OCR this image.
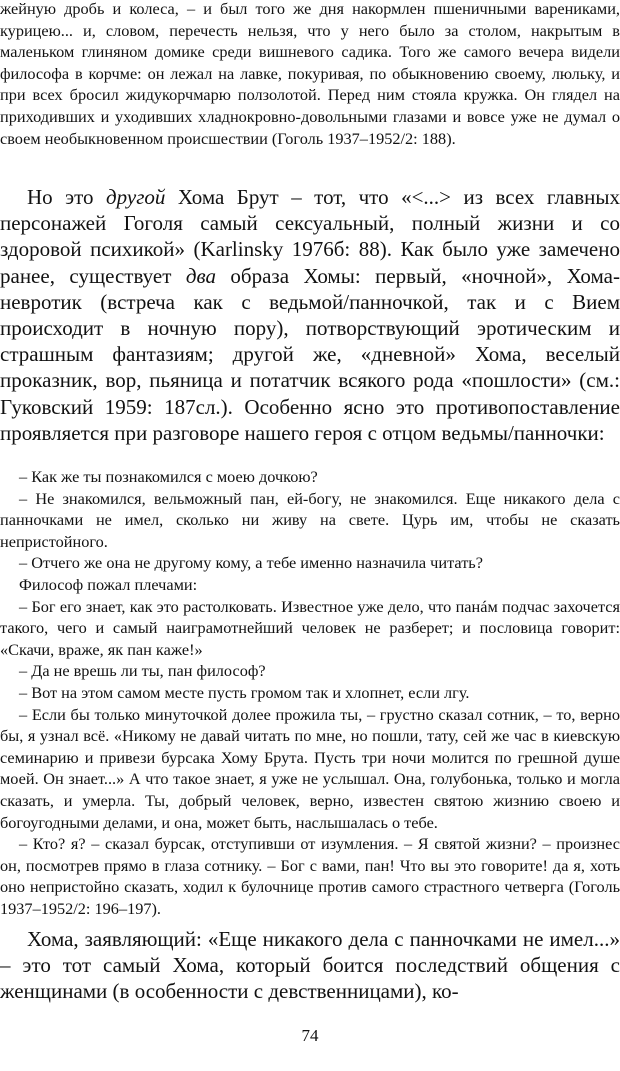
жейную дробь и колеса, – и был того же дня накормлен пшеничными варениками, курицею... и, словом, перечесть нельзя, что у него было за столом, накрытым в маленьком глиняном домике среди вишневого садика. Того же самого вечера видели философа в корчме: он лежал на лавке, покуривая, по обыкновению своему, люльку, и при всех бросил жидукорчмарю ползолотой. Перед ним стояла кружка. Он глядел на приходивших и уходивших хладнокровно-довольными глазами и вовсе уже не думал о своем необыкновенном происшествии (Гоголь 1937–1952/2: 188).

Но это другой Хома Брут – тот, что «<...> из всех главных персонажей Гоголя самый сексуальный, полный жизни и со здоровой психикой» (Karlinsky 1976б: 88). Как было уже замечено ранее, существует два образа Хомы: первый, «ночной», Хома-невротик (встреча как с ведьмой/панночкой, так и с Вием происходит в ночную пору), потворствующий эротическим и страшным фантазиям; другой же, «дневной» Хома, веселый проказник, вор, пьяница и потатчик всякого рода «пошлости» (см.: Гуковский 1959: 187сл.). Особенно ясно это противопоставление проявляется при разговоре нашего героя с отцом ведьмы/панночки:

– Как же ты познакомился с моею дочкою?

– Не знакомился, вельможный пан, ей-богу, не знакомился. Еще никакого дела с панночками не имел, сколько ни живу на свете. Цурь им, чтобы не сказать непристойного.

– Отчего же она не другому кому, а тебе именно назначила читать?

Философ пожал плечами:

– Бог его знает, как это растолковать. Известное уже дело, что панáм подчас захочется такого, чего и самый наиграмотнейший человек не разберет; и пословица говорит: «Скачи, враже, як пан каже!»

– Да не врешь ли ты, пан философ?

– Вот на этом самом месте пусть громом так и хлопнет, если лгу.

– Если бы только минуточкой долее прожила ты, – грустно сказал сотник, – то, верно бы, я узнал всё. «Никому не давай читать по мне, но пошли, тату, сей же час в киевскую семинарию и привези бурсака Хому Брута. Пусть три ночи молится по грешной душе моей. Он знает...» А что такое знает, я уже не услышал. Она, голубонька, только и могла сказать, и умерла. Ты, добрый человек, верно, известен святою жизнию своею и богоугодными делами, и она, может быть, наслышалась о тебе.

– Кто? я? – сказал бурсак, отступивши от изумления. – Я святой жизни? – произнес он, посмотрев прямо в глаза сотнику. – Бог с вами, пан! Что вы это говорите! да я, хоть оно непристойно сказать, ходил к булочнице против самого страстного четверга (Гоголь 1937–1952/2: 196–197).

Хома, заявляющий: «Еще никакого дела с панночками не имел...» – это тот самый Хома, который боится последствий общения с женщинами (в особенности с девственницами), ко-

74
